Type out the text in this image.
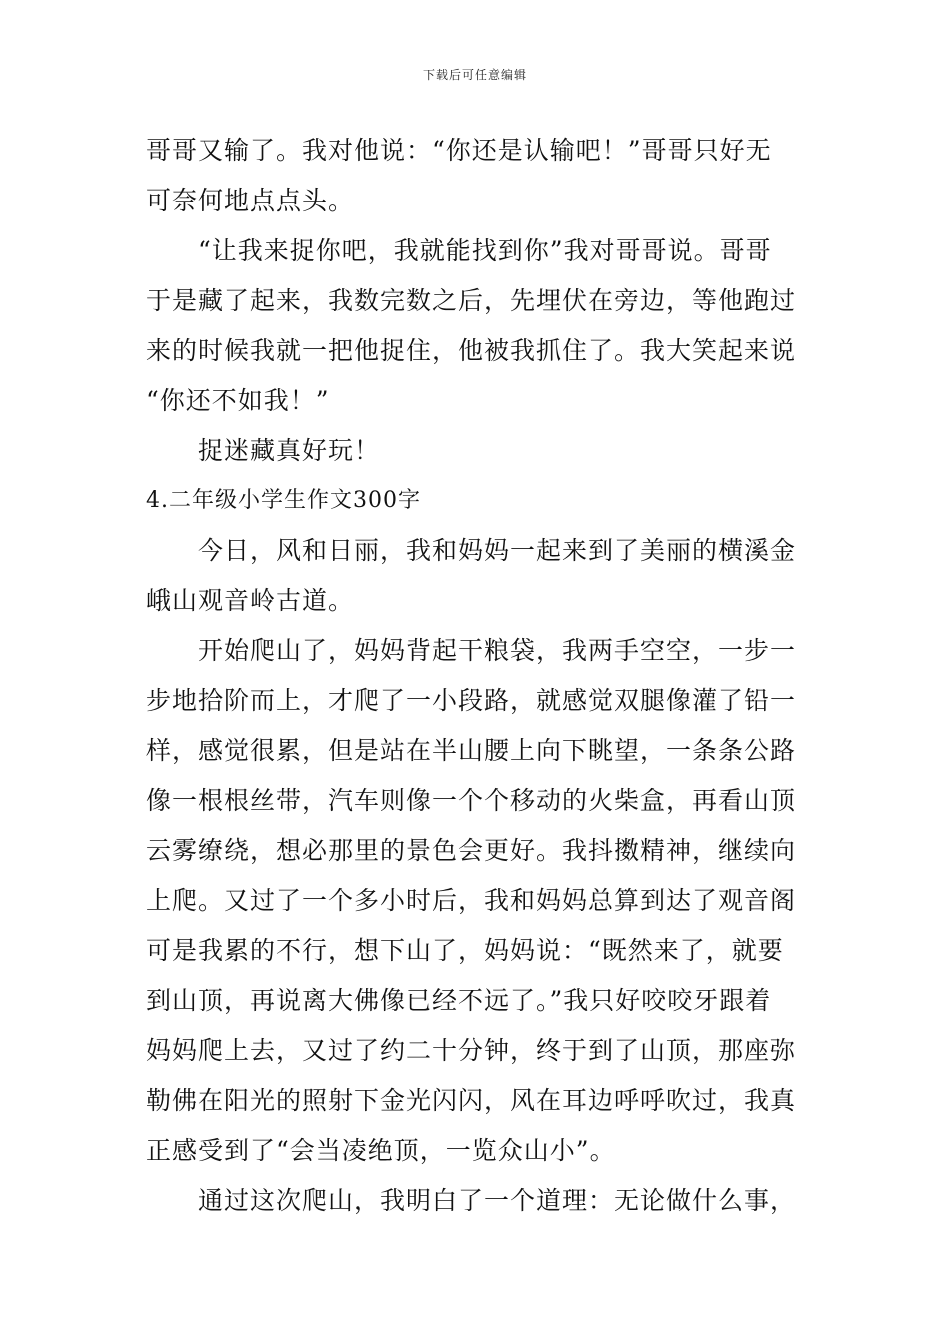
下载后可任意编辑
哥哥又输了。我对他说：“你还是认输吧！”哥哥只好无
可奈何地点点头。
“让我来捉你吧，我就能找到你”我对哥哥说。哥哥
于是藏了起来，我数完数之后，先埋伏在旁边，等他跑过
来的时候我就一把他捉住，他被我抓住了。我大笑起来说
“你还不如我！”
捉迷藏真好玩！
4.二年级小学生作文300字
今日，风和日丽，我和妈妈一起来到了美丽的横溪金
峨山观音岭古道。
开始爬山了，妈妈背起干粮袋，我两手空空，一步一
步地拾阶而上，才爬了一小段路，就感觉双腿像灌了铅一
样，感觉很累，但是站在半山腰上向下眺望，一条条公路
像一根根丝带，汽车则像一个个移动的火柴盒，再看山顶
云雾缭绕，想必那里的景色会更好。我抖擞精神，继续向
上爬。又过了一个多小时后，我和妈妈总算到达了观音阁
可是我累的不行，想下山了，妈妈说：“既然来了，就要
到山顶，再说离大佛像已经不远了。”我只好咬咬牙跟着
妈妈爬上去，又过了约二十分钟，终于到了山顶，那座弥
勒佛在阳光的照射下金光闪闪，风在耳边呼呼吹过，我真
正感受到了“会当凌绝顶，一览众山小”。
通过这次爬山，我明白了一个道理：无论做什么事，
